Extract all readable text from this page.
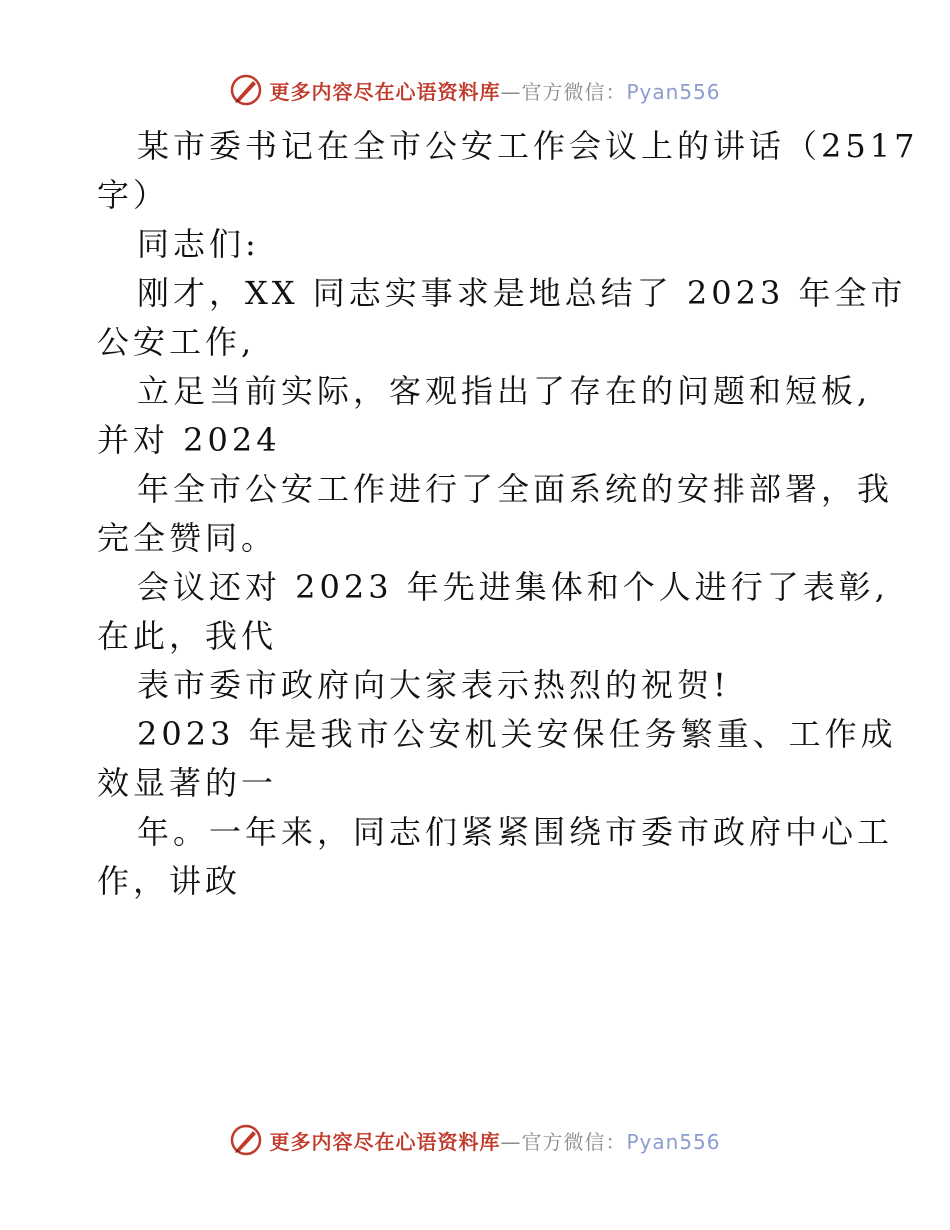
更多内容尽在心语资料库—官方微信：Pyan556
某市委书记在全市公安工作会议上的讲话（2517
字）
同志们:
刚才，XX 同志实事求是地总结了 2023 年全市
公安工作,
立足当前实际，客观指出了存在的问题和短板,
并对 2024
年全市公安工作进行了全面系统的安排部署，我
完全赞同。
会议还对 2023 年先进集体和个人进行了表彰,
在此，我代
表市委市政府向大家表示热烈的祝贺!
2023 年是我市公安机关安保任务繁重、工作成
效显著的一
年。一年来，同志们紧紧围绕市委市政府中心工
作，讲政
更多内容尽在心语资料库—官方微信：Pyan556
